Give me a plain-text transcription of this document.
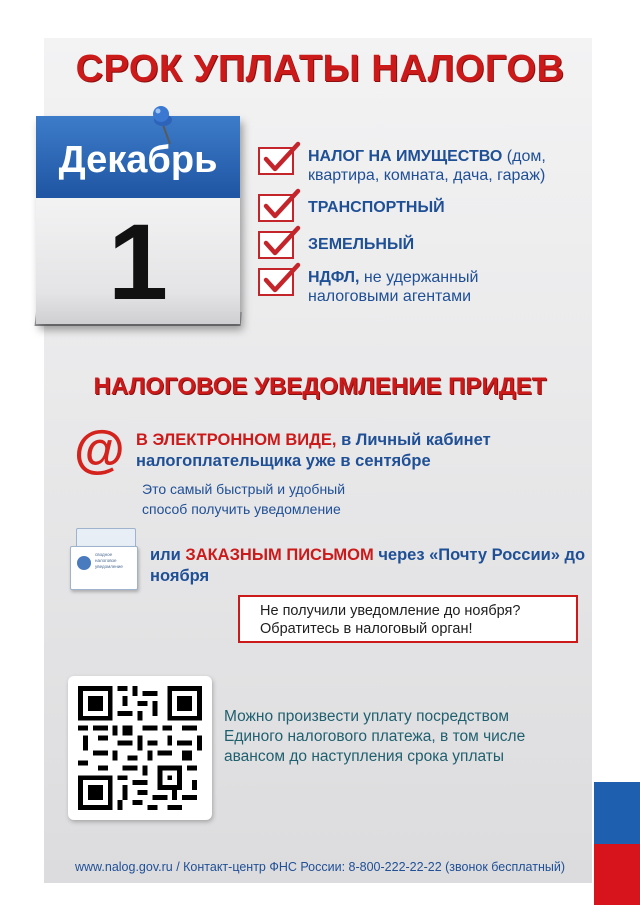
СРОК УПЛАТЫ НАЛОГОВ
Декабрь
1
НАЛОГ НА ИМУЩЕСТВО (дом, квартира, комната, дача, гараж)
ТРАНСПОРТНЫЙ
ЗЕМЕЛЬНЫЙ
НДФЛ, не удержанный налоговыми агентами
НАЛОГОВОЕ УВЕДОМЛЕНИЕ ПРИДЕТ
@ В ЭЛЕКТРОННОМ ВИДЕ, в Личный кабинет налогоплательщика уже в сентябре
Это самый быстрый и удобный способ получить уведомление
сводное налоговое уведомление
или ЗАКАЗНЫМ ПИСЬМОМ через «Почту России» до ноября
Не получили уведомление до ноября? Обратитесь в налоговый орган!
Можно произвести уплату посредством Единого налогового платежа, в том числе авансом до наступления срока уплаты
www.nalog.gov.ru / Контакт-центр ФНС России: 8-800-222-22-22 (звонок бесплатный)
